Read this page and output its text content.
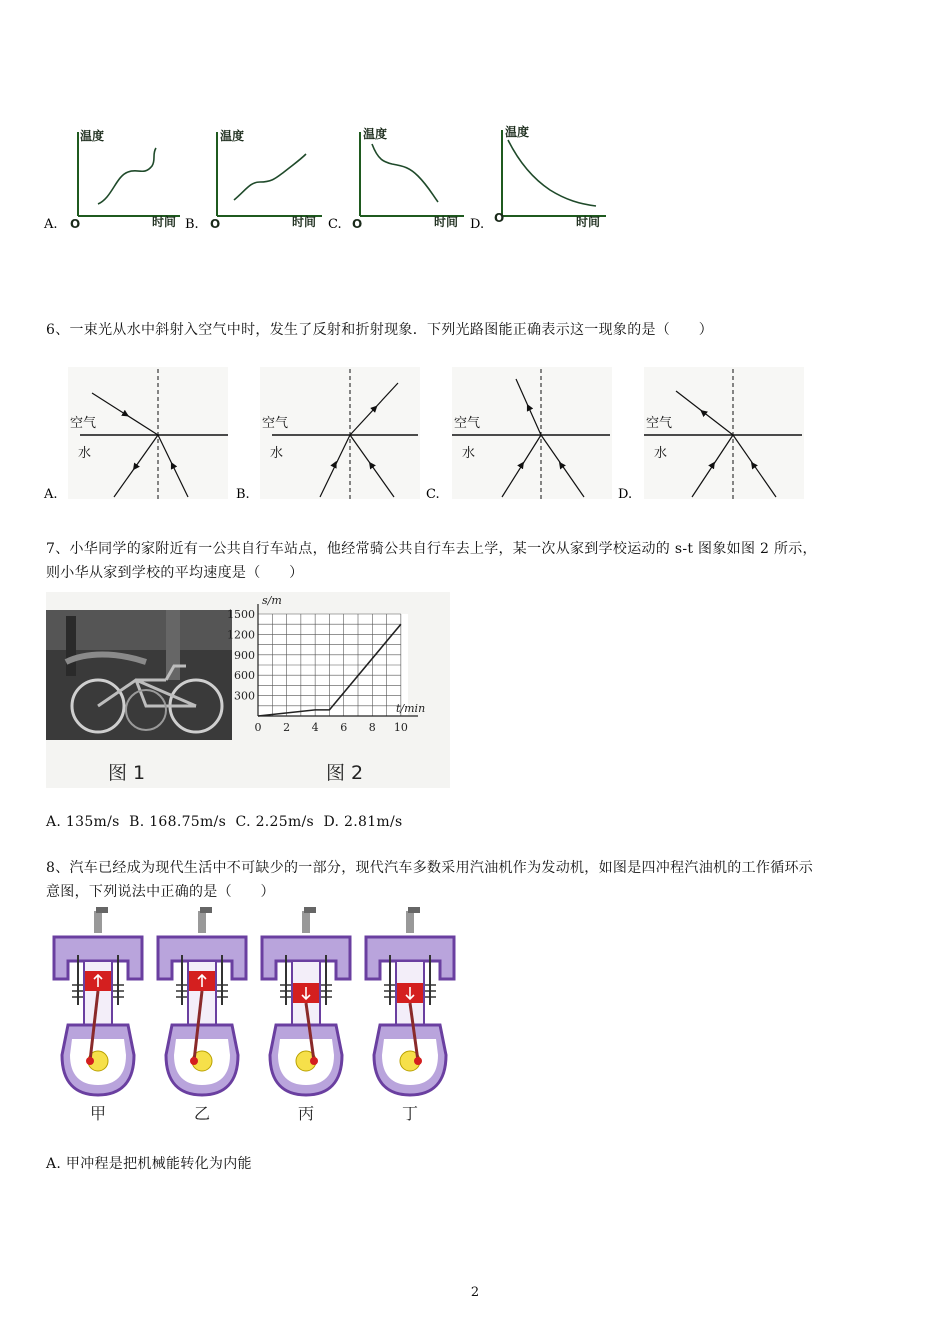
A.
温度
O	时间 B.
温度
O	时间 C.
温度
O	时间 D.
温度
O	时间
6、一束光从水中斜射入空气中时，发生了反射和折射现象．下列光路图能正确表示这一现象的是（　　）
空气
水
A.
空气
水
B.
空气
水
C.
空气
水
D.
7、小华同学的家附近有一公共自行车站点，他经常骑公共自行车去上学，某一次从家到学校运动的 s-t 图象如图 2 所示，
则小华从家到学校的平均速度是（　　）
0 2 4 6 8 10
300
600
900
1200
1500
t/min
s/m
图 1	图 2
A. 135m/s  B. 168.75m/s  C. 2.25m/s  D. 2.81m/s
8、汽车已经成为现代生活中不可缺少的一部分，现代汽车多数采用汽油机作为发动机，如图是四冲程汽油机的工作循环示
意图，下列说法中正确的是（　　）
甲	乙	丙	丁
A. 甲冲程是把机械能转化为内能
2
